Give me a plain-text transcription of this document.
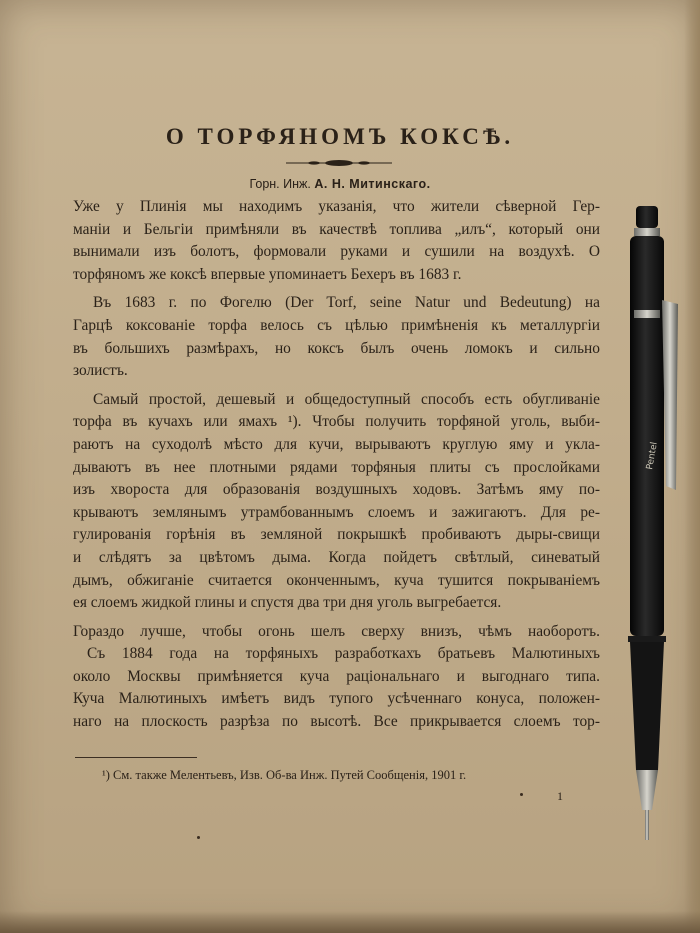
О ТОРФЯНОМЪ КОКСѢ.
Горн. Инж. А. Н. Митинскаго.
Уже у Плинія мы находимъ указанія, что жители сѣверной Гер-
маніи и Бельгіи примѣняли въ качествѣ топлива „илъ“, который они
вынимали изъ болотъ, формовали руками и сушили на воздухѣ. О
торфяномъ же коксѣ впервые упоминаетъ Бехеръ въ 1683 г.
Въ 1683 г. по Фогелю (Der Torf, seine Natur und Bedeutung) на
Гарцѣ коксованіе торфа велось съ цѣлью примѣненія къ металлургіи
въ большихъ размѣрахъ, но коксъ былъ очень ломокъ и сильно
золистъ.
Самый простой, дешевый и общедоступный способъ есть обугливаніе
торфа въ кучахъ или ямахъ ¹). Чтобы получить торфяной уголь, выби-
раютъ на суходолѣ мѣсто для кучи, вырываютъ круглую яму и укла-
дываютъ въ нее плотными рядами торфяныя плиты съ прослойками
изъ хвороста для образованія воздушныхъ ходовъ. Затѣмъ яму по-
крываютъ землянымъ утрамбованнымъ слоемъ и зажигаютъ. Для ре-
гулированія горѣнія въ земляной покрышкѣ пробиваютъ дыры-свищи
и слѣдятъ за цвѣтомъ дыма. Когда пойдетъ свѣтлый, синеватый
дымъ, обжиганіе считается оконченнымъ, куча тушится покрываніемъ
ея слоемъ жидкой глины и спустя два три дня уголь выгребается.
Гораздо лучше, чтобы огонь шелъ сверху внизъ, чѣмъ наоборотъ.
Съ 1884 года на торфяныхъ разработкахъ братьевъ Малютиныхъ
около Москвы примѣняется куча раціональнаго и выгоднаго типа.
Куча Малютиныхъ имѣетъ видъ тупого усѣченнаго конуса, положен-
наго на плоскость разрѣза по высотѣ. Все прикрывается слоемъ тор-
¹) См. также Мелентьевъ, Изв. Об-ва Инж. Путей Сообщенія, 1901 г.
1
Pentel
